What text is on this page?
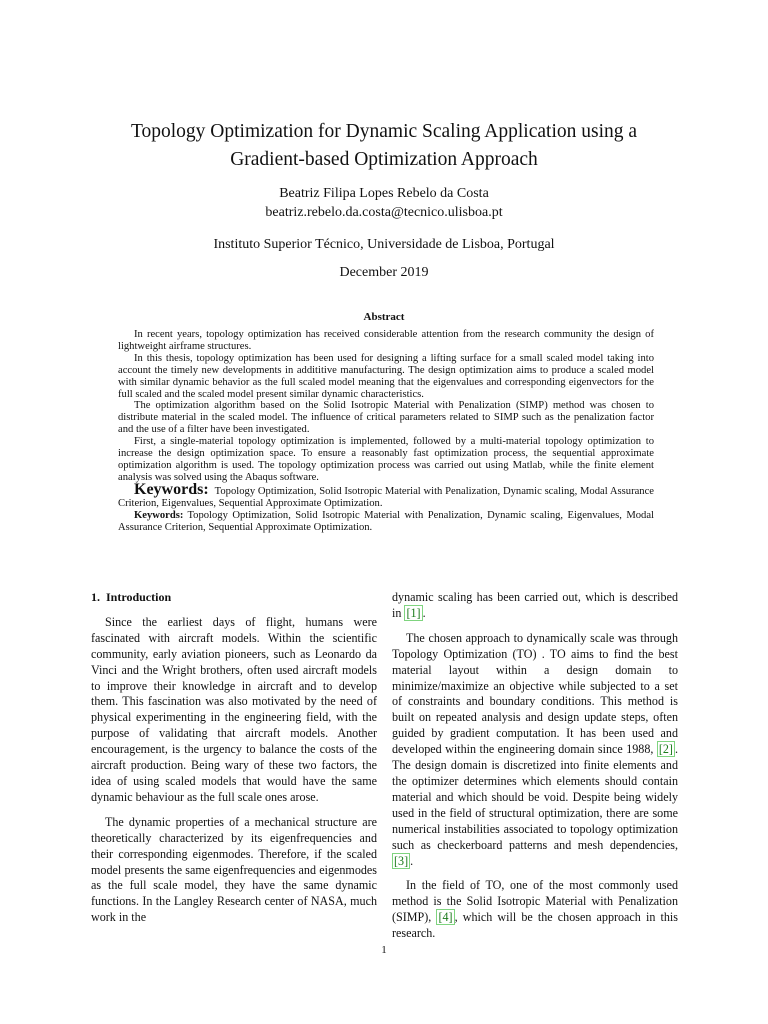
Topology Optimization for Dynamic Scaling Application using a
Gradient-based Optimization Approach
Beatriz Filipa Lopes Rebelo da Costa
beatriz.rebelo.da.costa@tecnico.ulisboa.pt
Instituto Superior Técnico, Universidade de Lisboa, Portugal
December 2019
Abstract

In recent years, topology optimization has received considerable attention from the research community the design of lightweight airframe structures.

In this thesis, topology optimization has been used for designing a lifting surface for a small scaled model taking into account the timely new developments in addititive manufacturing. The design optimization aims to produce a scaled model with similar dynamic behavior as the full scaled model meaning that the eigenvalues and corresponding eigenvectors for the full scaled and the scaled model present similar dynamic characteristics.

The optimization algorithm based on the Solid Isotropic Material with Penalization (SIMP) method was chosen to distribute material in the scaled model. The influence of critical parameters related to SIMP such as the penalization factor and the use of a filter have been investigated.

First, a single-material topology optimization is implemented, followed by a multi-material topology optimization to increase the design optimization space. To ensure a reasonably fast optimization process, the sequential approximate optimization algorithm is used. The topology optimization process was carried out using Matlab, while the finite element analysis was solved using the Abaqus software.

Keywords: Topology Optimization, Solid Isotropic Material with Penalization, Dynamic scaling, Modal Assurance Criterion, Eigenvalues, Sequential Approximate Optimization.

Keywords: Topology Optimization, Solid Isotropic Material with Penalization, Dynamic scaling, Eigenvalues, Modal Assurance Criterion, Sequential Approximate Optimization.

1. Introduction

Since the earliest days of flight, humans were fascinated with aircraft models. Within the scientific community, early aviation pioneers, such as Leonardo da Vinci and the Wright brothers, often used aircraft models to improve their knowledge in aircraft and to develop them. This fascination was also motivated by the need of physical experimenting in the engineering field, with the purpose of validating that aircraft models. Another encouragement, is the urgency to balance the costs of the aircraft production. Being wary of these two factors, the idea of using scaled models that would have the same dynamic behaviour as the full scale ones arose.

The dynamic properties of a mechanical structure are theoretically characterized by its eigenfrequencies and their corresponding eigenmodes. Therefore, if the scaled model presents the same eigenfrequencies and eigenmodes as the full scale model, they have the same dynamic functions. In the Langley Research center of NASA, much work in the

dynamic scaling has been carried out, which is described in [1] .

The chosen approach to dynamically scale was through Topology Optimization (TO) . TO aims to find the best material layout within a design domain to minimize/maximize an objective while subjected to a set of constraints and boundary conditions. This method is built on repeated analysis and design update steps, often guided by gradient computation. It has been used and developed within the engineering domain since 1988, [2] . The design domain is discretized into finite elements and the optimizer determines which elements should contain material and which should be void. Despite being widely used in the field of structural optimization, there are some numerical instabilities associated to topology optimization such as checkerboard patterns and mesh dependencies, [3] .

In the field of TO, one of the most commonly used method is the Solid Isotropic Material with Penalization (SIMP), [4] , which will be the chosen approach in this research.

1
